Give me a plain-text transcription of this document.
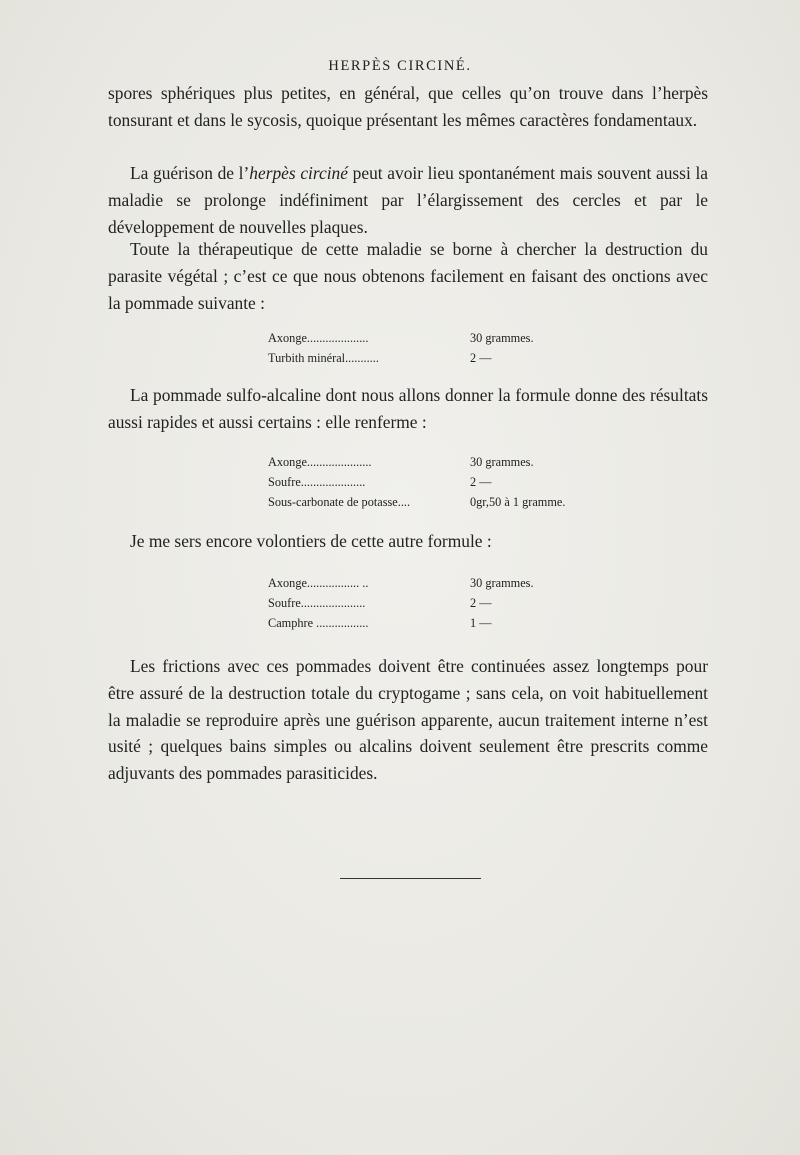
HERPÈS CIRCINÉ.

spores sphériques plus petites, en général, que celles qu’on trouve dans l’herpès tonsurant et dans le sycosis, quoique présentant les mêmes caractères fondamentaux.

La guérison de l’herpès circiné peut avoir lieu spontanément mais souvent aussi la maladie se prolonge indéfiniment par l’élargissement des cercles et par le développement de nouvelles plaques.

Toute la thérapeutique de cette maladie se borne à chercher la destruction du parasite végétal ; c’est ce que nous obtenons facilement en faisant des onctions avec la pommade suivante :

Axonge....................	30 grammes.
Turbith minéral...........	2 —

La pommade sulfo-alcaline dont nous allons donner la formule donne des résultats aussi rapides et aussi certains : elle renferme :

Axonge.....................	30 grammes.
Soufre.....................	2 —
Sous-carbonate de potasse....	0gr,50 à 1 gramme.

Je me sers encore volontiers de cette autre formule :

Axonge................. ..	30 grammes.
Soufre.....................	2 —
Camphre .................	1 —

Les frictions avec ces pommades doivent être continuées assez longtemps pour être assuré de la destruction totale du cryptogame ; sans cela, on voit habituellement la maladie se reproduire après une guérison apparente, aucun traitement interne n’est usité ; quelques bains simples ou alcalins doivent seulement être prescrits comme adjuvants des pommades parasiticides.
